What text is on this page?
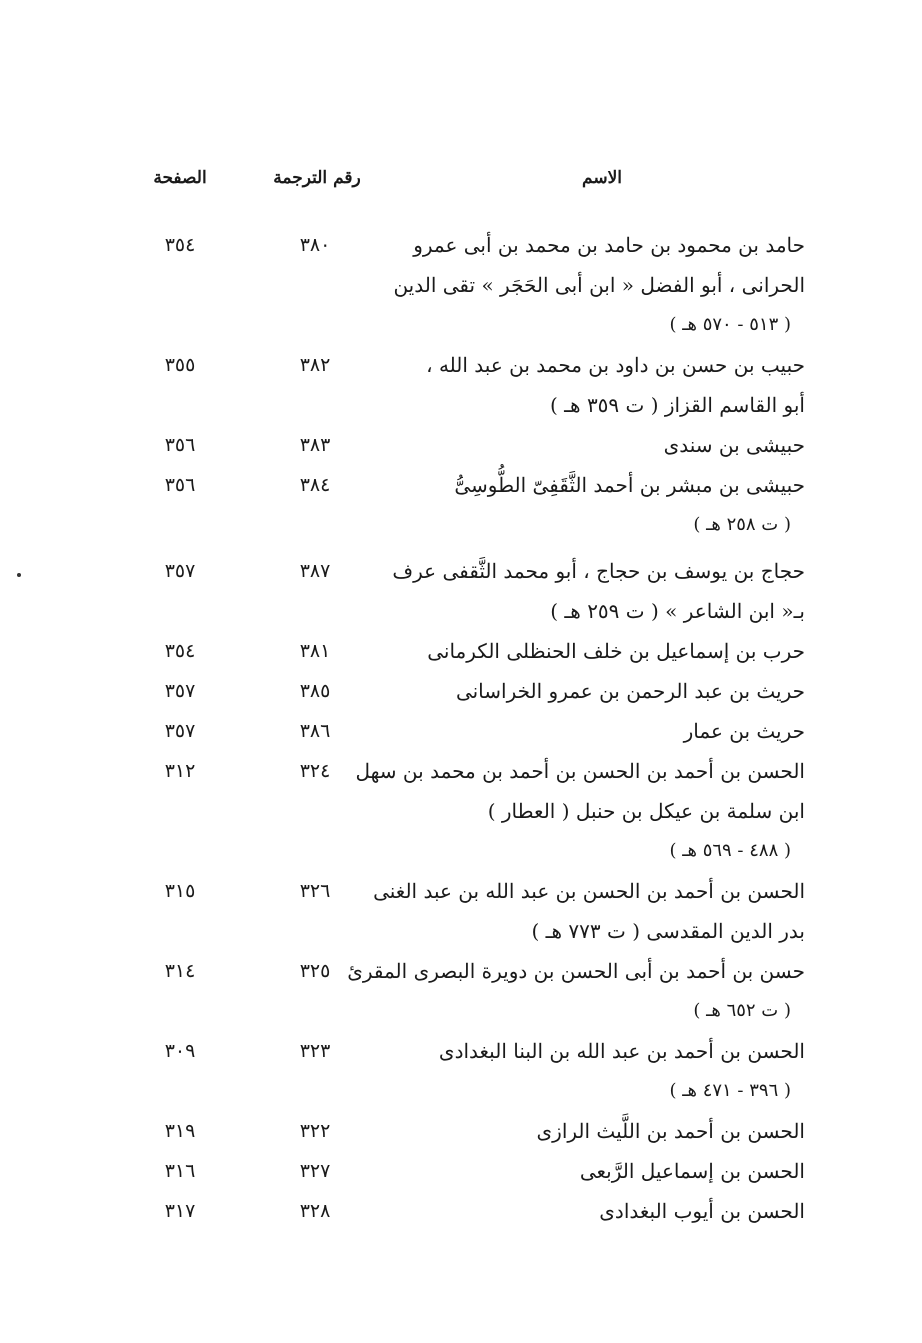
الاسم
رقم الترجمة
الصفحة
حامد بن محمود بن حامد بن محمد بن أبى عمرو
الحرانى ، أبو الفضل « ابن أبى الحَجَر » تقى الدين
( ٥١٣ - ٥٧٠ هـ )
٣٨٠
٣٥٤
حبيب بن حسن بن داود بن محمد بن عبد الله ،
أبو القاسم القزاز ( ت ٣٥٩ هـ )
٣٨٢
٣٥٥
حبيشى بن سندى
٣٨٣
٣٥٦
حبيشى بن مبشر بن أحمد الثَّقَفِىّ الطُّوسِىُّ
( ت ٢٥٨ هـ )
٣٨٤
٣٥٦
حجاج بن يوسف بن حجاج ، أبو محمد الثَّقفى عرف
بـ« ابن الشاعر » ( ت ٢٥٩ هـ )
٣٨٧
٣٥٧
حرب بن إسماعيل بن خلف الحنظلى الكرمانى
٣٨١
٣٥٤
حريث بن عبد الرحمن بن عمرو الخراسانى
٣٨٥
٣٥٧
حريث بن عمار
٣٨٦
٣٥٧
الحسن بن أحمد بن الحسن بن أحمد بن محمد بن سهل
ابن سلمة بن عيكل بن حنبل ( العطار )
( ٤٨٨ - ٥٦٩ هـ )
٣٢٤
٣١٢
الحسن بن أحمد بن الحسن بن عبد الله بن عبد الغنى
بدر الدين المقدسى ( ت ٧٧٣ هـ )
٣٢٦
٣١٥
حسن بن أحمد بن أبى الحسن بن دويرة البصرى المقرئ
( ت ٦٥٢ هـ )
٣٢٥
٣١٤
الحسن بن أحمد بن عبد الله بن البنا البغدادى
( ٣٩٦ - ٤٧١ هـ )
٣٢٣
٣٠٩
الحسن بن أحمد بن اللَّيث الرازى
٣٢٢
٣١٩
الحسن بن إسماعيل الرَّبعى
٣٢٧
٣١٦
الحسن بن أيوب البغدادى
٣٢٨
٣١٧
